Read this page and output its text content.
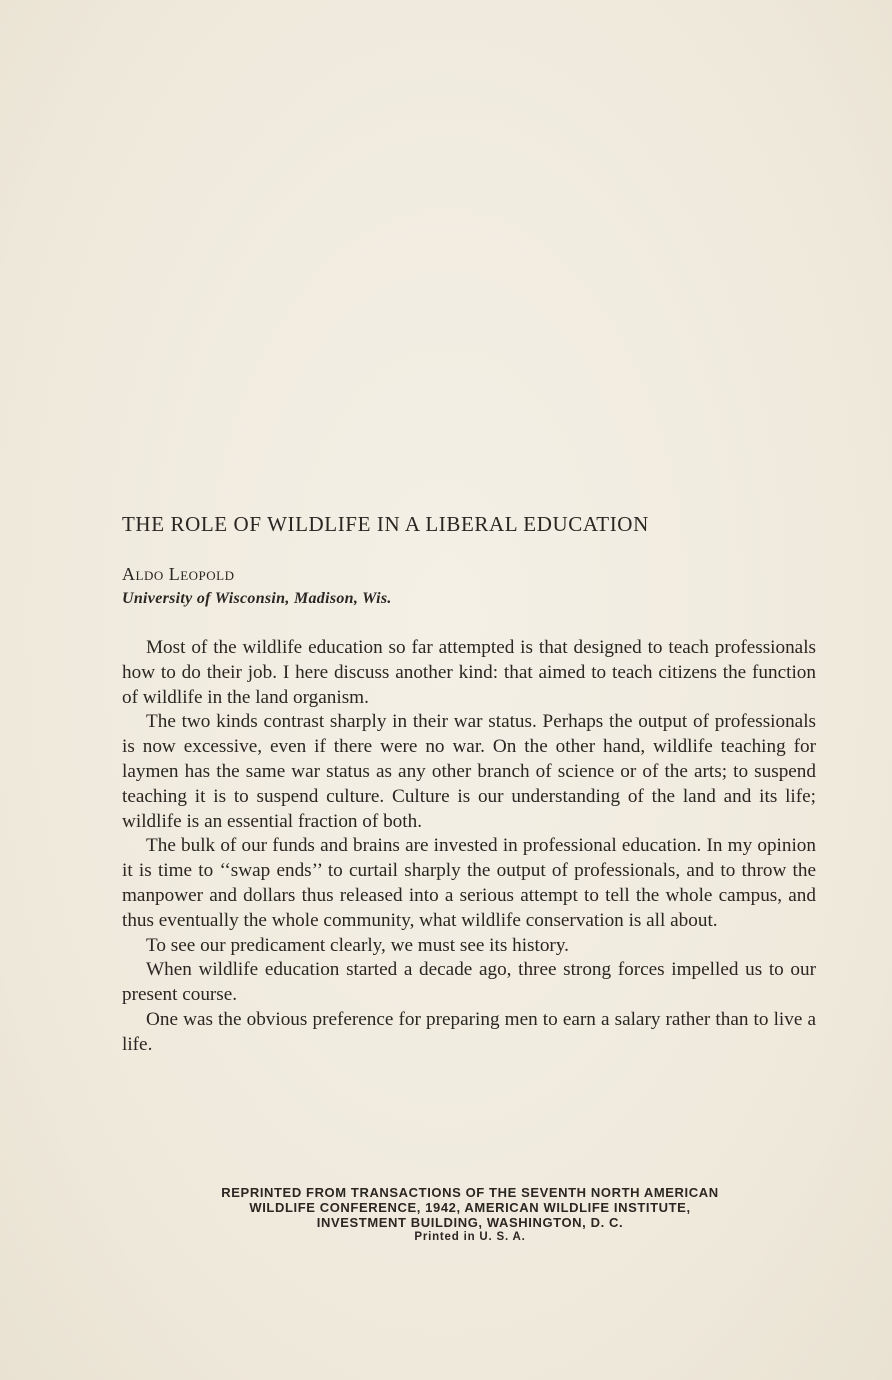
THE ROLE OF WILDLIFE IN A LIBERAL EDUCATION
Aldo Leopold
University of Wisconsin, Madison, Wis.

Most of the wildlife education so far attempted is that designed to teach professionals how to do their job. I here discuss another kind: that aimed to teach citizens the function of wildlife in the land organism.

The two kinds contrast sharply in their war status. Perhaps the output of professionals is now excessive, even if there were no war. On the other hand, wildlife teaching for laymen has the same war status as any other branch of science or of the arts; to suspend teaching it is to suspend culture. Culture is our understanding of the land and its life; wildlife is an essential fraction of both.

The bulk of our funds and brains are invested in professional education. In my opinion it is time to ‘‘swap ends’’ to curtail sharply the output of professionals, and to throw the manpower and dollars thus released into a serious attempt to tell the whole campus, and thus eventually the whole community, what wildlife conservation is all about.

To see our predicament clearly, we must see its history.

When wildlife education started a decade ago, three strong forces impelled us to our present course.

One was the obvious preference for preparing men to earn a salary rather than to live a life.

REPRINTED FROM TRANSACTIONS OF THE SEVENTH NORTH AMERICAN
WILDLIFE CONFERENCE, 1942, AMERICAN WILDLIFE INSTITUTE,
INVESTMENT BUILDING, WASHINGTON, D. C.
Printed in U. S. A.
